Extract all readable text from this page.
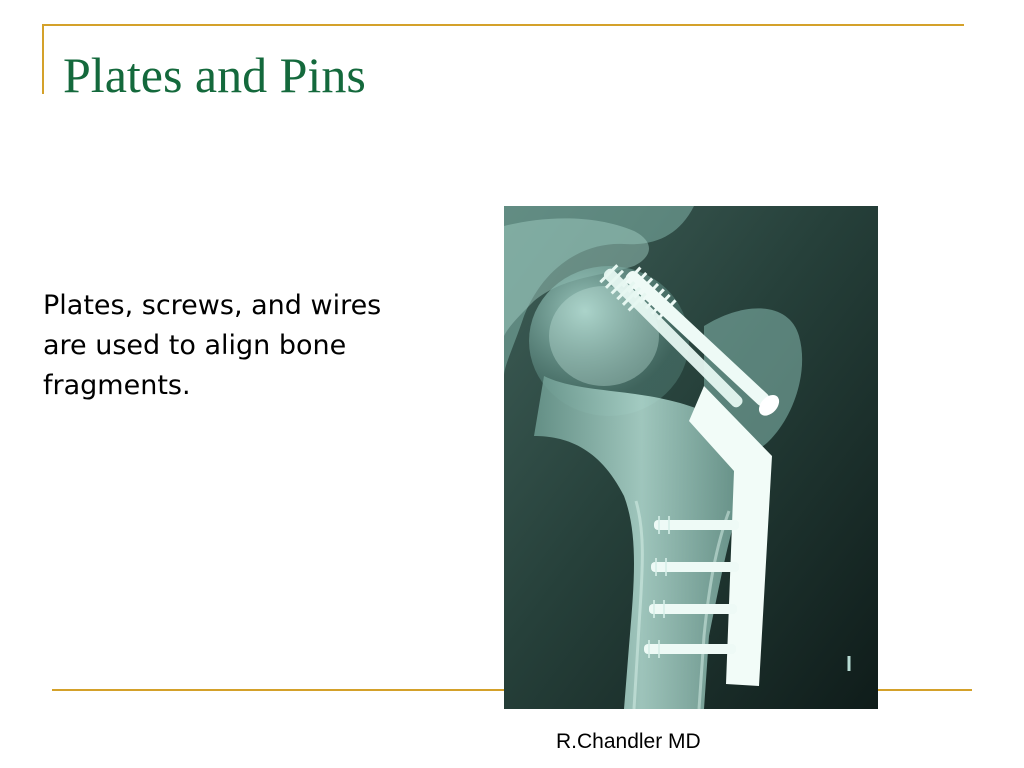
Plates and Pins

Plates, screws, and wires are used to align bone fragments.

R.Chandler MD
